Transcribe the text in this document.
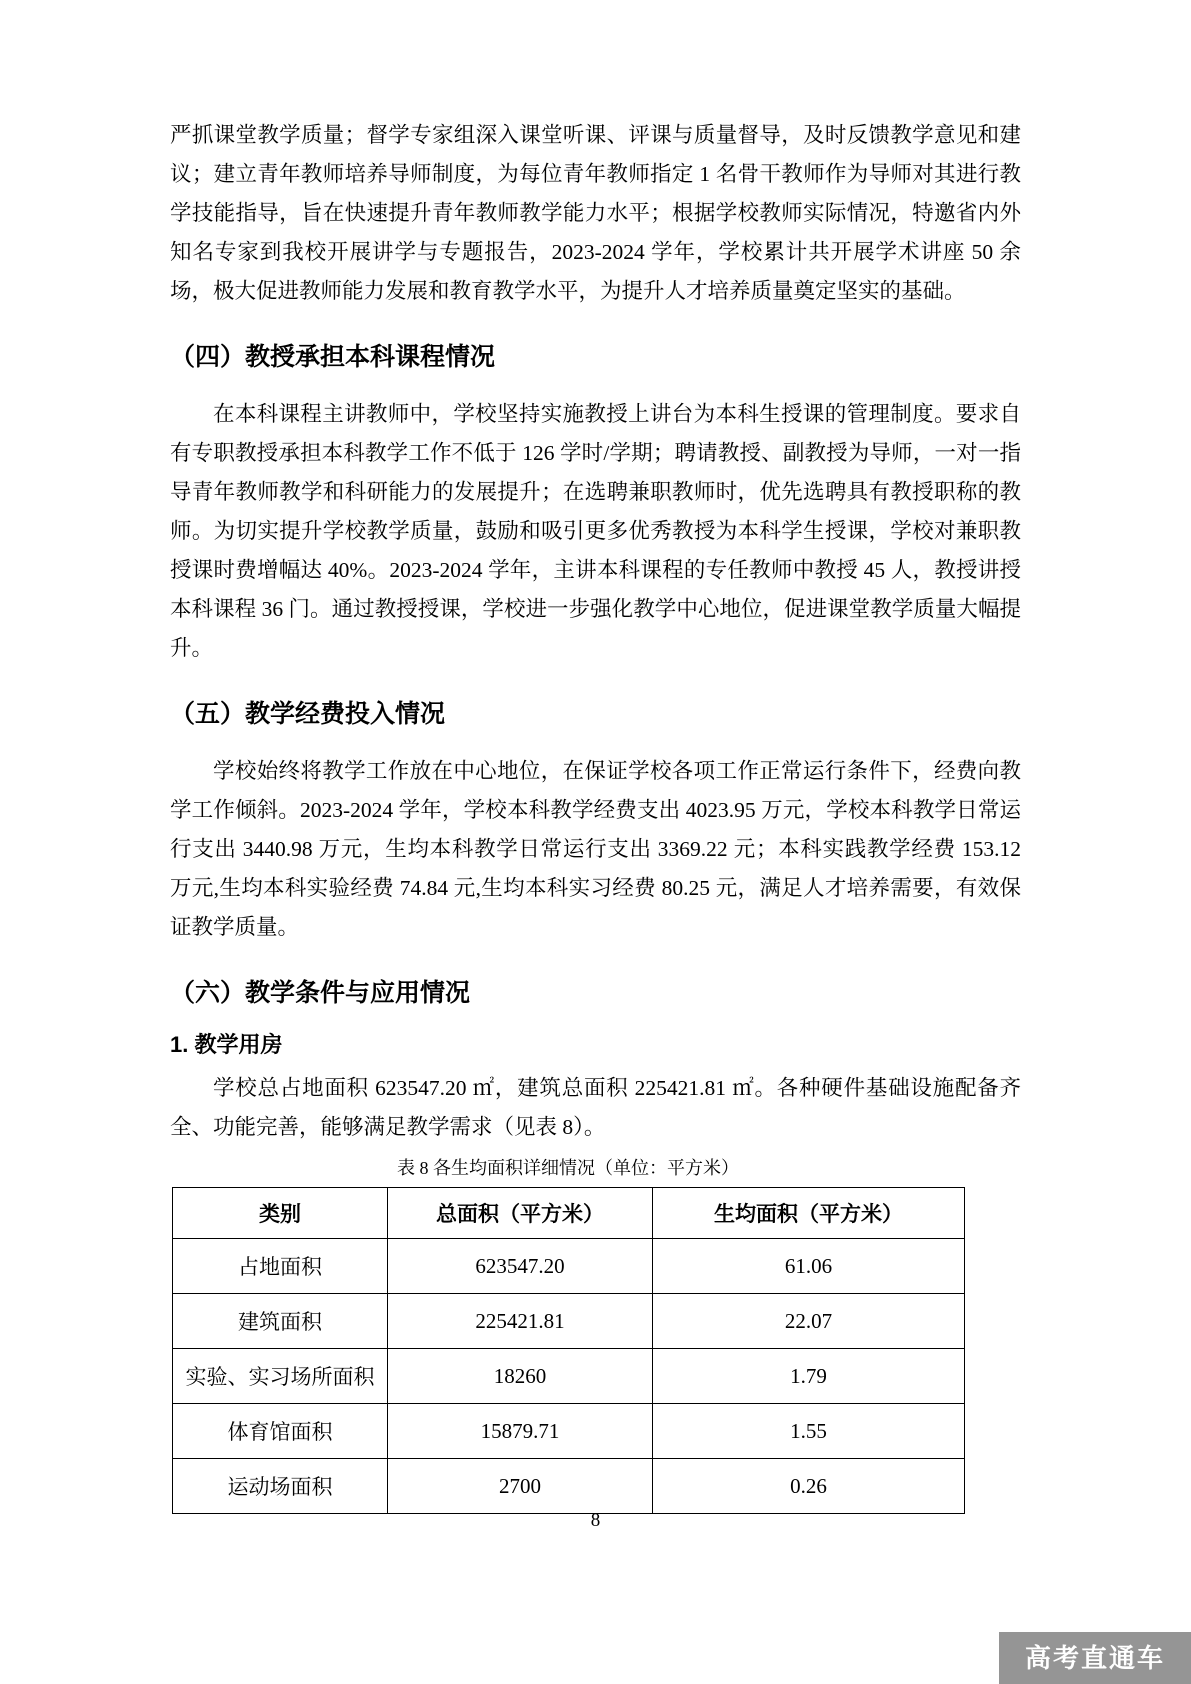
严抓课堂教学质量；督学专家组深入课堂听课、评课与质量督导，及时反馈教学意见和建议；建立青年教师培养导师制度，为每位青年教师指定 1 名骨干教师作为导师对其进行教学技能指导，旨在快速提升青年教师教学能力水平；根据学校教师实际情况，特邀省内外知名专家到我校开展讲学与专题报告，2023-2024 学年，学校累计共开展学术讲座 50 余场，极大促进教师能力发展和教育教学水平，为提升人才培养质量奠定坚实的基础。

（四）教授承担本科课程情况

在本科课程主讲教师中，学校坚持实施教授上讲台为本科生授课的管理制度。要求自有专职教授承担本科教学工作不低于 126 学时/学期；聘请教授、副教授为导师，一对一指导青年教师教学和科研能力的发展提升；在选聘兼职教师时，优先选聘具有教授职称的教师。为切实提升学校教学质量，鼓励和吸引更多优秀教授为本科学生授课，学校对兼职教授课时费增幅达 40%。2023-2024 学年，主讲本科课程的专任教师中教授 45 人，教授讲授本科课程 36 门。通过教授授课，学校进一步强化教学中心地位，促进课堂教学质量大幅提升。

（五）教学经费投入情况

学校始终将教学工作放在中心地位，在保证学校各项工作正常运行条件下，经费向教学工作倾斜。2023-2024 学年，学校本科教学经费支出 4023.95 万元，学校本科教学日常运行支出 3440.98 万元，生均本科教学日常运行支出 3369.22 元；本科实践教学经费 153.12 万元,生均本科实验经费 74.84 元,生均本科实习经费 80.25 元，满足人才培养需要，有效保证教学质量。

（六）教学条件与应用情况
1. 教学用房

学校总占地面积 623547.20 ㎡，建筑总面积 225421.81 ㎡。各种硬件基础设施配备齐全、功能完善，能够满足教学需求（见表 8）。

表 8 各生均面积详细情况（单位：平方米）
类别	总面积（平方米）	生均面积（平方米）
占地面积	623547.20	61.06
建筑面积	225421.81	22.07
实验、实习场所面积	18260	1.79
体育馆面积	15879.71	1.55
运动场面积	2700	0.26
8
高考直通车
